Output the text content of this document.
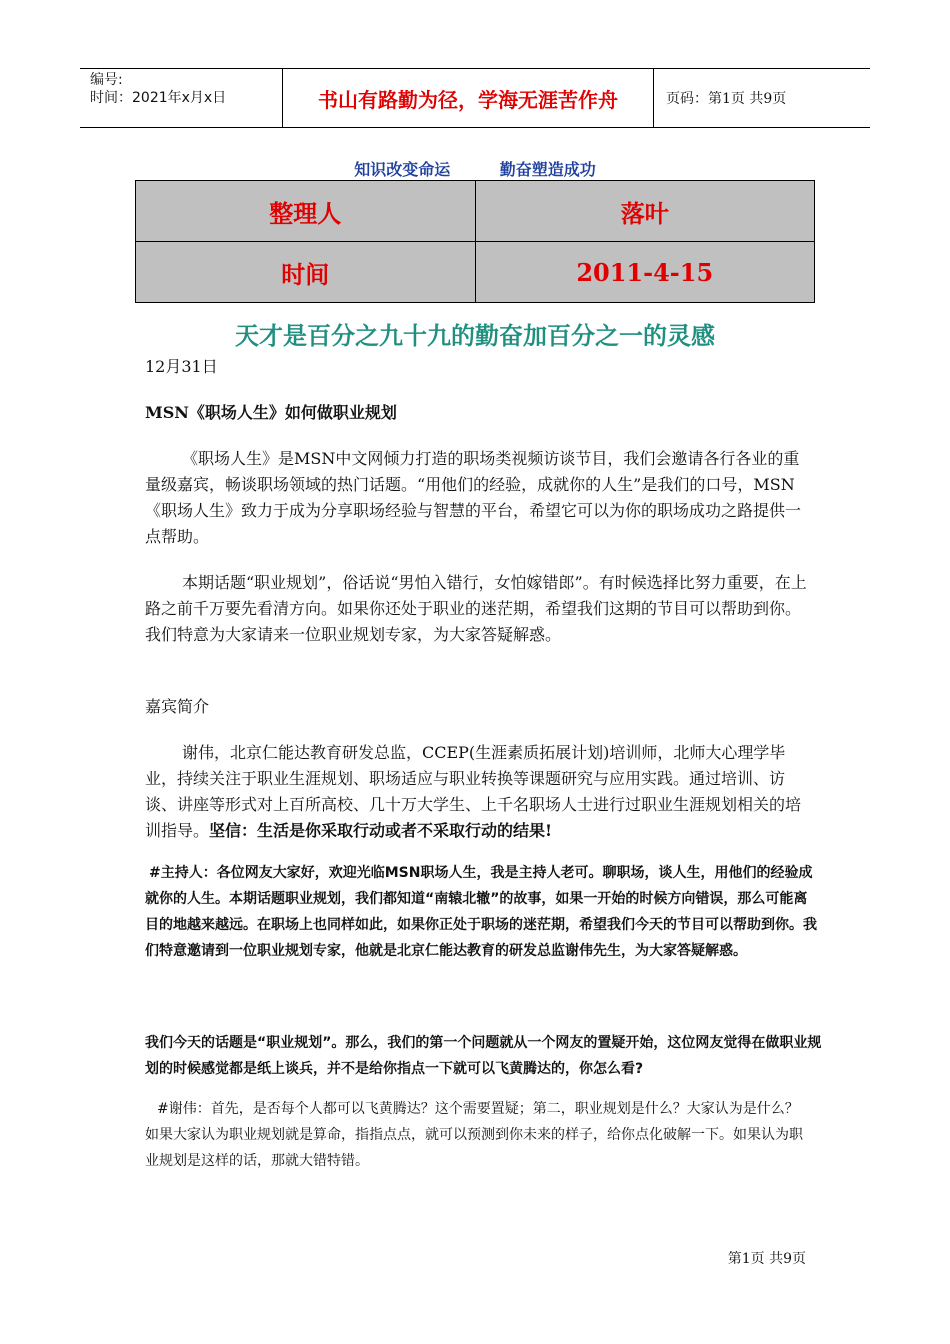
编号:
时间：2021年x月x日	书山有路勤为径，学海无涯苦作舟	页码：第1页 共9页
知识改变命运	勤奋塑造成功
整理人	落叶
时间	2011-4-15
天才是百分之九十九的勤奋加百分之一的灵感

12月31日

MSN《职场人生》如何做职业规划

《职场人生》是MSN中文网倾力打造的职场类视频访谈节目，我们会邀请各行各业的重量级嘉宾，畅谈职场领域的热门话题。“用他们的经验，成就你的人生”是我们的口号，MSN《职场人生》致力于成为分享职场经验与智慧的平台，希望它可以为你的职场成功之路提供一点帮助。

本期话题“职业规划”，俗话说“男怕入错行，女怕嫁错郎”。有时候选择比努力重要，在上路之前千万要先看清方向。如果你还处于职业的迷茫期，希望我们这期的节目可以帮助到你。我们特意为大家请来一位职业规划专家，为大家答疑解惑。

嘉宾简介

谢伟，北京仁能达教育研发总监，CCEP(生涯素质拓展计划)培训师，北师大心理学毕业，持续关注于职业生涯规划、职场适应与职业转换等课题研究与应用实践。通过培训、访谈、讲座等形式对上百所高校、几十万大学生、上千名职场人士进行过职业生涯规划相关的培训指导。坚信：生活是你采取行动或者不采取行动的结果!

#主持人：各位网友大家好，欢迎光临MSN职场人生，我是主持人老可。聊职场，谈人生，用他们的经验成就你的人生。本期话题职业规划，我们都知道“南辕北辙”的故事，如果一开始的时候方向错误，那么可能离目的地越来越远。在职场上也同样如此，如果你正处于职场的迷茫期，希望我们今天的节目可以帮助到你。我们特意邀请到一位职业规划专家，他就是北京仁能达教育的研发总监谢伟先生，为大家答疑解惑。

我们今天的话题是“职业规划”。那么，我们的第一个问题就从一个网友的置疑开始，这位网友觉得在做职业规划的时候感觉都是纸上谈兵，并不是给你指点一下就可以飞黄腾达的，你怎么看?

#谢伟：首先，是否每个人都可以飞黄腾达？这个需要置疑；第二，职业规划是什么？大家认为是什么？如果大家认为职业规划就是算命，指指点点，就可以预测到你未来的样子，给你点化破解一下。如果认为职业规划是这样的话，那就大错特错。

第1页 共9页
